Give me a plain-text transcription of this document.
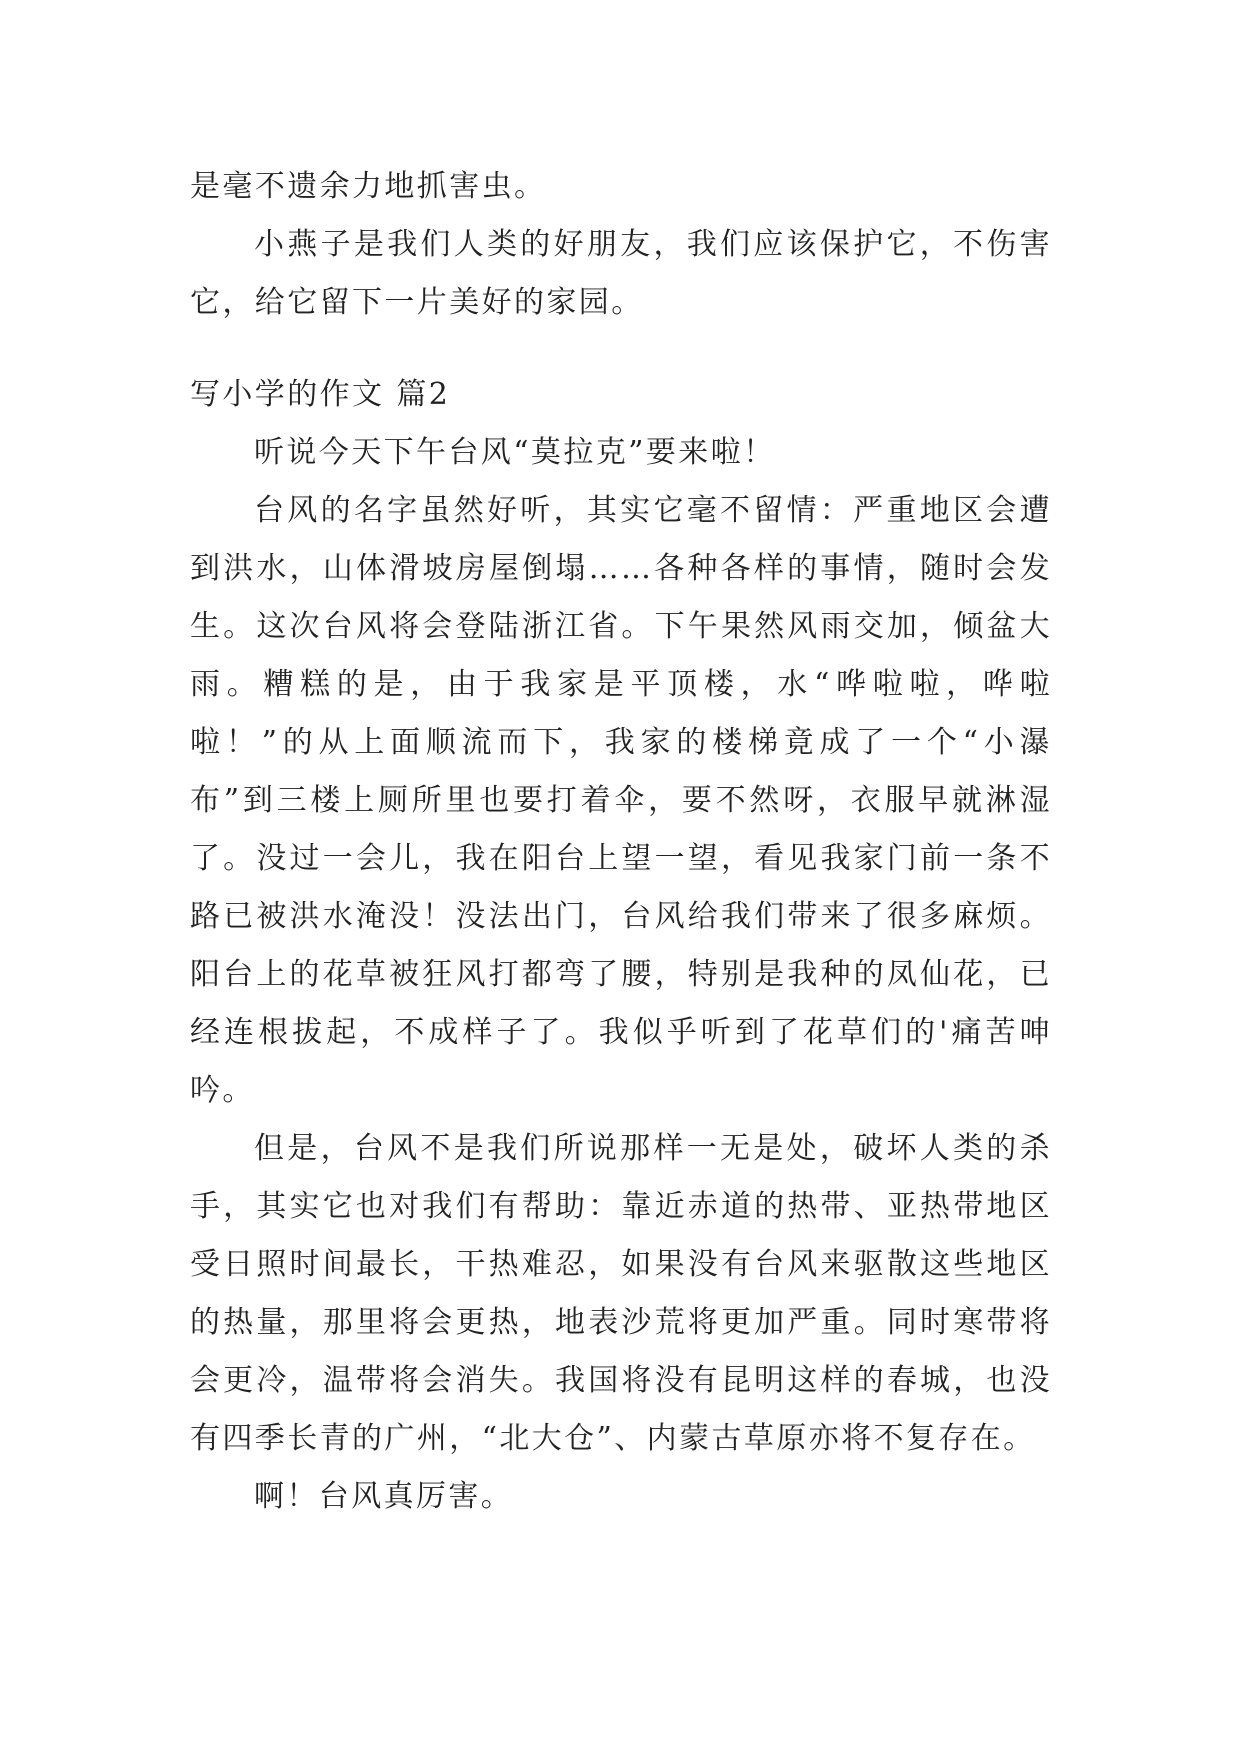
是毫不遗余力地抓害虫。

小燕子是我们人类的好朋友，我们应该保护它，不伤害它，给它留下一片美好的家园。

写小学的作文 篇2

听说今天下午台风“莫拉克”要来啦！

台风的名字虽然好听，其实它毫不留情：严重地区会遭到洪水，山体滑坡房屋倒塌……各种各样的事情，随时会发生。这次台风将会登陆浙江省。下午果然风雨交加，倾盆大雨。糟糕的是，由于我家是平顶楼，水“哗啦啦，哗啦啦！”的从上面顺流而下，我家的楼梯竟成了一个“小瀑布”到三楼上厕所里也要打着伞，要不然呀，衣服早就淋湿了。没过一会儿，我在阳台上望一望，看见我家门前一条不路已被洪水淹没！没法出门，台风给我们带来了很多麻烦。阳台上的花草被狂风打都弯了腰，特别是我种的凤仙花，已经连根拔起，不成样子了。我似乎听到了花草们的'痛苦呻吟。

但是，台风不是我们所说那样一无是处，破坏人类的杀手，其实它也对我们有帮助：靠近赤道的热带、亚热带地区受日照时间最长，干热难忍，如果没有台风来驱散这些地区的热量，那里将会更热，地表沙荒将更加严重。同时寒带将会更冷，温带将会消失。我国将没有昆明这样的春城，也没有四季长青的广州，“北大仓”、内蒙古草原亦将不复存在。

啊！台风真厉害。
